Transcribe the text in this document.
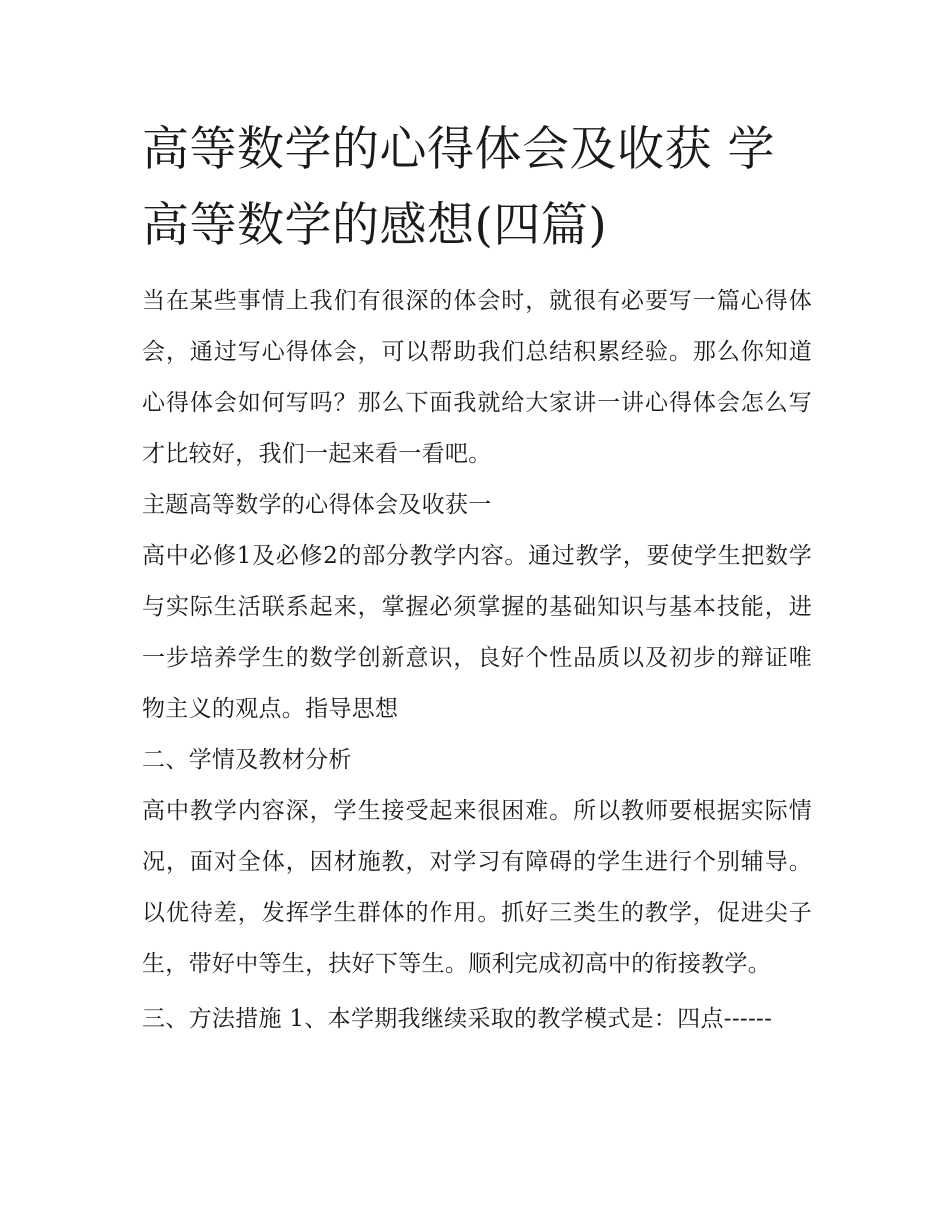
高等数学的心得体会及收获 学高等数学的感想(四篇)

当在某些事情上我们有很深的体会时，就很有必要写一篇心得体会，通过写心得体会，可以帮助我们总结积累经验。那么你知道心得体会如何写吗？那么下面我就给大家讲一讲心得体会怎么写才比较好，我们一起来看一看吧。

主题高等数学的心得体会及收获一

高中必修1及必修2的部分教学内容。通过教学，要使学生把数学与实际生活联系起来，掌握必须掌握的基础知识与基本技能，进一步培养学生的数学创新意识，良好个性品质以及初步的辩证唯物主义的观点。指导思想

二、学情及教材分析

高中教学内容深，学生接受起来很困难。所以教师要根据实际情况，面对全体，因材施教，对学习有障碍的学生进行个别辅导。以优待差，发挥学生群体的作用。抓好三类生的教学，促进尖子生，带好中等生，扶好下等生。顺利完成初高中的衔接教学。

三、方法措施 1、本学期我继续采取的教学模式是：四点------
